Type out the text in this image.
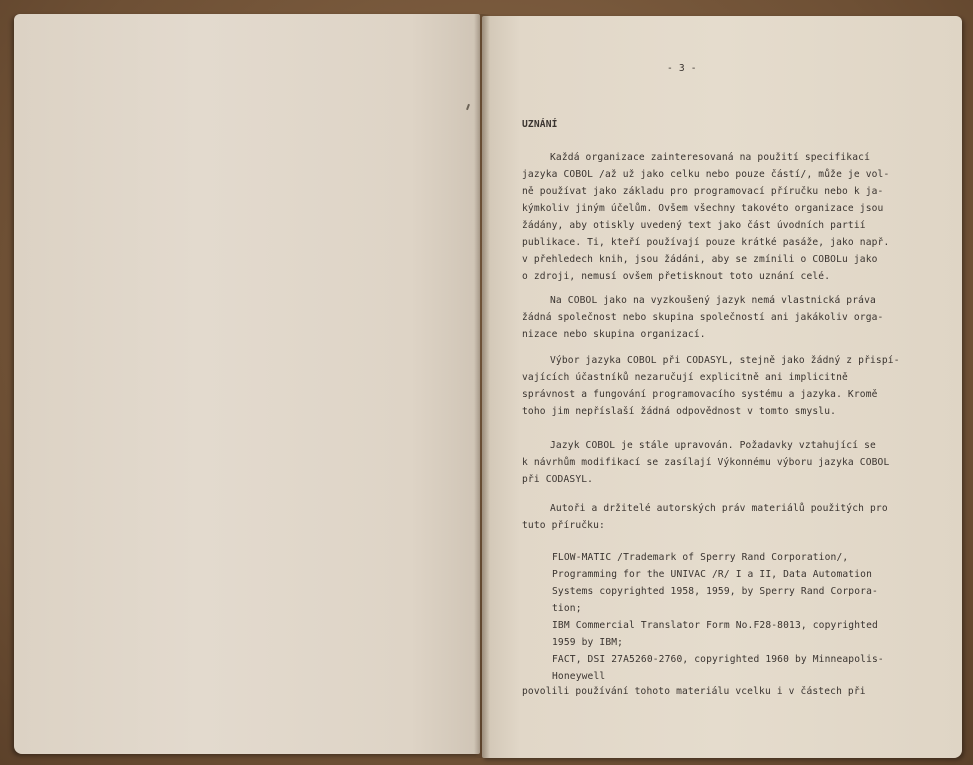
- 3 -
UZNÁNÍ
Každá organizace zainteresovaná na použití specifikací
jazyka COBOL /až už jako celku nebo pouze částí/, může je vol-
ně používat jako základu pro programovací příručku nebo k ja-
kýmkoliv jiným účelům. Ovšem všechny takovéto organizace jsou
žádány, aby otiskly uvedený text jako část úvodních partií
publikace. Ti, kteří používají pouze krátké pasáže, jako např.
v přehledech knih, jsou žádáni, aby se zmínili o COBOLu jako
o zdroji, nemusí ovšem přetisknout toto uznání celé.
Na COBOL jako na vyzkoušený jazyk nemá vlastnická práva
žádná společnost nebo skupina společností ani jakákoliv orga-
nizace nebo skupina organizací.
Výbor jazyka COBOL při CODASYL, stejně jako žádný z přispí-
vajících účastníků nezaručují explicitně ani implicitně
správnost a fungování programovacího systému a jazyka. Kromě
toho jim nepříslaší žádná odpovědnost v tomto smyslu.
Jazyk COBOL je stále upravován. Požadavky vztahující se
k návrhům modifikací se zasílají Výkonnému výboru jazyka COBOL
při CODASYL.
Autoři a držitelé autorských práv materiálů použitých pro
tuto příručku:
FLOW-MATIC /Trademark of Sperry Rand Corporation/,
Programming for the UNIVAC /R/ I a II, Data Automation
Systems copyrighted 1958, 1959, by Sperry Rand Corpora-
tion;
IBM Commercial Translator Form No.F28-8013, copyrighted
1959 by IBM;
FACT, DSI 27A5260-2760, copyrighted 1960 by Minneapolis-
Honeywell
povolili používání tohoto materiálu vcelku i v částech při
